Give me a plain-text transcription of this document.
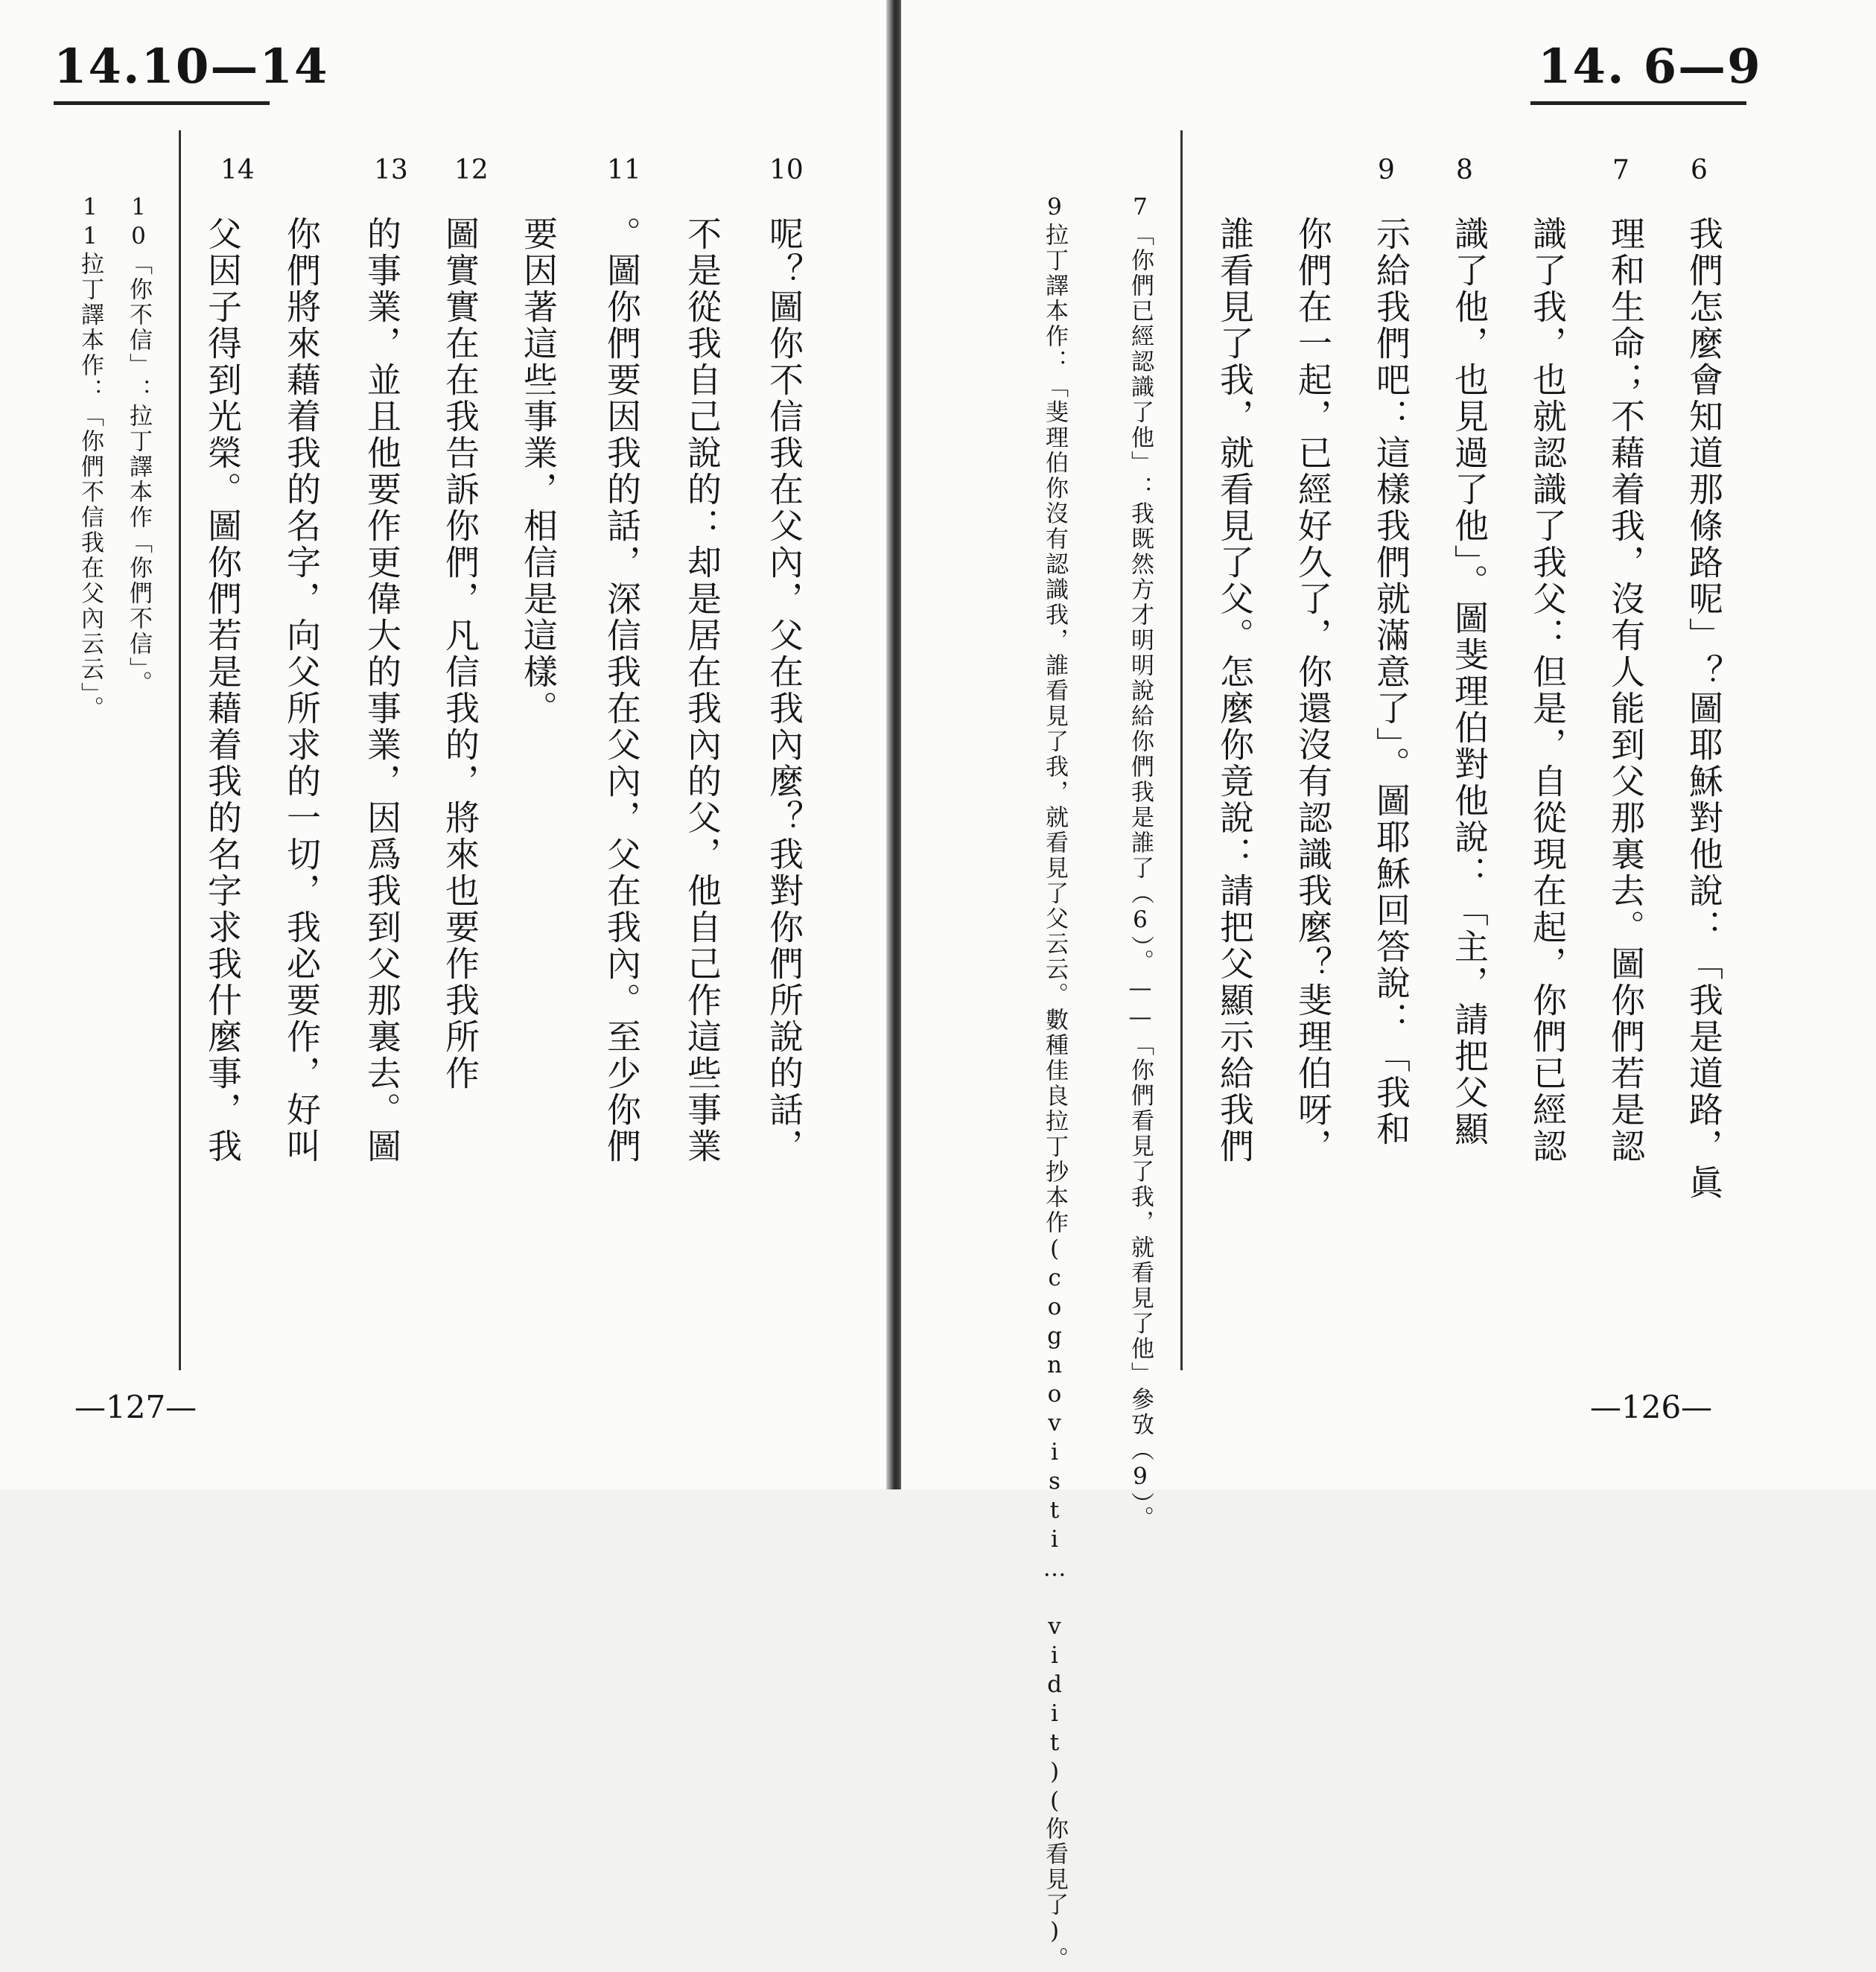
14.10—14
10
11
12
13
14
呢？圖你不信我在父內，父在我內麼？我對你們所說的話，
不是從我自己說的：却是居在我內的父，他自己作這些事業
。圖你們要因我的話，深信我在父內，父在我內。至少你們
要因著這些事業，相信是這樣。
圖實實在在我告訴你們，凡信我的，將來也要作我所作
的事業，並且他要作更偉大的事業，因爲我到父那裏去。圖
你們將來藉着我的名字，向父所求的一切，我必要作，好叫
父因子得到光榮。圖你們若是藉着我的名字求我什麼事，我
10「你不信」：拉丁譯本作「你們不信」。
11拉丁譯本作：「你們不信我在父內云云」。
—127—
14. 6—9
6
7
8
9
我們怎麼會知道那條路呢」？圖耶穌對他說：「我是道路，眞
理和生命；不藉着我，沒有人能到父那裏去。圖你們若是認
識了我，也就認識了我父：但是，自從現在起，你們已經認
識了他，也見過了他」。圖斐理伯對他說：「主，請把父顯
示給我們吧：這樣我們就滿意了」。圖耶穌回答說：「我和
你們在一起，已經好久了，你還沒有認識我麼？斐理伯呀，
誰看見了我，就看見了父。怎麼你竟說：請把父顯示給我們
7「你們已經認識了他」：我既然方才明明說給你們我是誰了（6）。——「你們看見了我，就看見了他」參攷（9）。
9拉丁譯本作：「斐理伯你沒有認識我，誰看見了我，就看見了父云云。數種佳良拉丁抄本作(cognovisti… vidit)(你看見了)。	—126—
